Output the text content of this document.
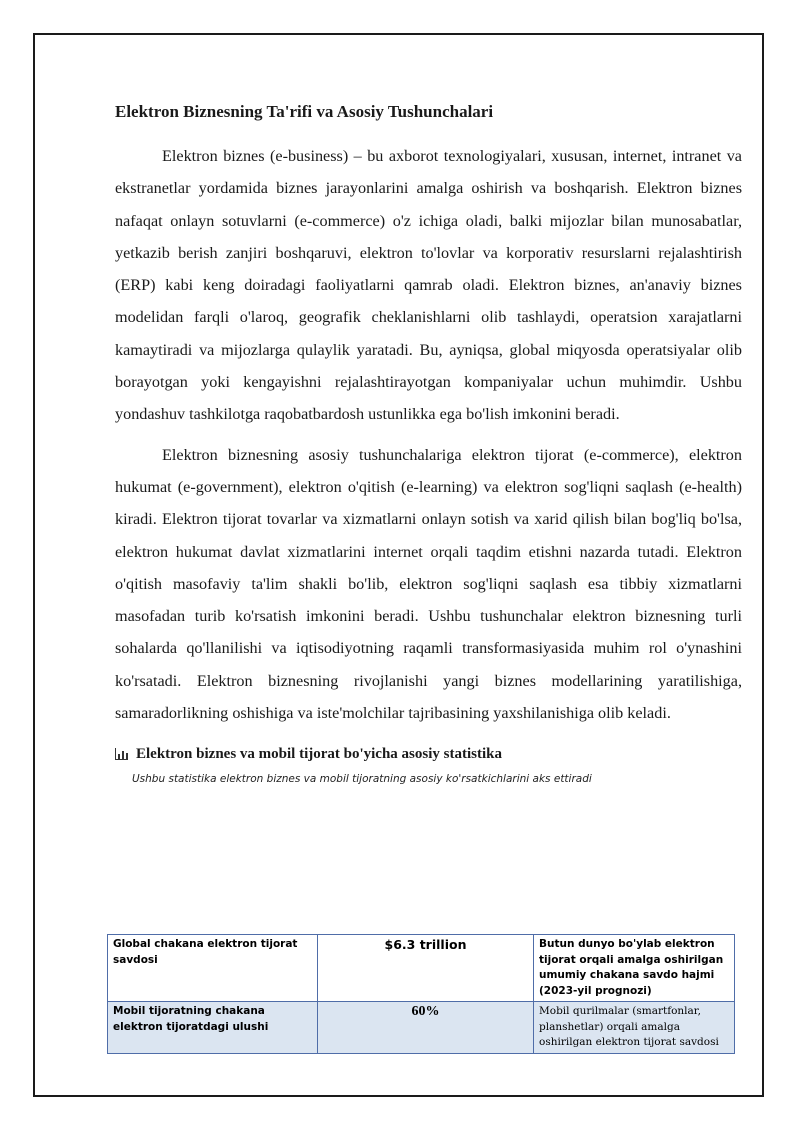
Elektron Biznesning Ta'rifi va Asosiy Tushunchalari

Elektron biznes (e-business) – bu axborot texnologiyalari, xususan, internet, intranet va ekstranetlar yordamida biznes jarayonlarini amalga oshirish va boshqarish. Elektron biznes nafaqat onlayn sotuvlarni (e-commerce) o'z ichiga oladi, balki mijozlar bilan munosabatlar, yetkazib berish zanjiri boshqaruvi, elektron to'lovlar va korporativ resurslarni rejalashtirish (ERP) kabi keng doiradagi faoliyatlarni qamrab oladi. Elektron biznes, an'anaviy biznes modelidan farqli o'laroq, geografik cheklanishlarni olib tashlaydi, operatsion xarajatlarni kamaytiradi va mijozlarga qulaylik yaratadi. Bu, ayniqsa, global miqyosda operatsiyalar olib borayotgan yoki kengayishni rejalashtirayotgan kompaniyalar uchun muhimdir. Ushbu yondashuv tashkilotga raqobatbardosh ustunlikka ega bo'lish imkonini beradi.

Elektron biznesning asosiy tushunchalariga elektron tijorat (e-commerce), elektron hukumat (e-government), elektron o'qitish (e-learning) va elektron sog'liqni saqlash (e-health) kiradi. Elektron tijorat tovarlar va xizmatlarni onlayn sotish va xarid qilish bilan bog'liq bo'lsa, elektron hukumat davlat xizmatlarini internet orqali taqdim etishni nazarda tutadi. Elektron o'qitish masofaviy ta'lim shakli bo'lib, elektron sog'liqni saqlash esa tibbiy xizmatlarni masofadan turib ko'rsatish imkonini beradi. Ushbu tushunchalar elektron biznesning turli sohalarda qo'llanilishi va iqtisodiyotning raqamli transformasiyasida muhim rol o'ynashini ko'rsatadi. Elektron biznesning rivojlanishi yangi biznes modellarining yaratilishiga, samaradorlikning oshishiga va iste'molchilar tajribasining yaxshilanishiga olib keladi.

Elektron biznes va mobil tijorat bo'yicha asosiy statistika
Ushbu statistika elektron biznes va mobil tijoratning asosiy ko'rsatkichlarini aks ettiradi
Global chakana elektron tijorat savdosi	$6.3 trillion	Butun dunyo bo'ylab elektron tijorat orqali amalga oshirilgan umumiy chakana savdo hajmi (2023-yil prognozi)
Mobil tijoratning chakana elektron tijoratdagi ulushi	60%	Mobil qurilmalar (smartfonlar, planshetlar) orqali amalga oshirilgan elektron tijorat savdosi
